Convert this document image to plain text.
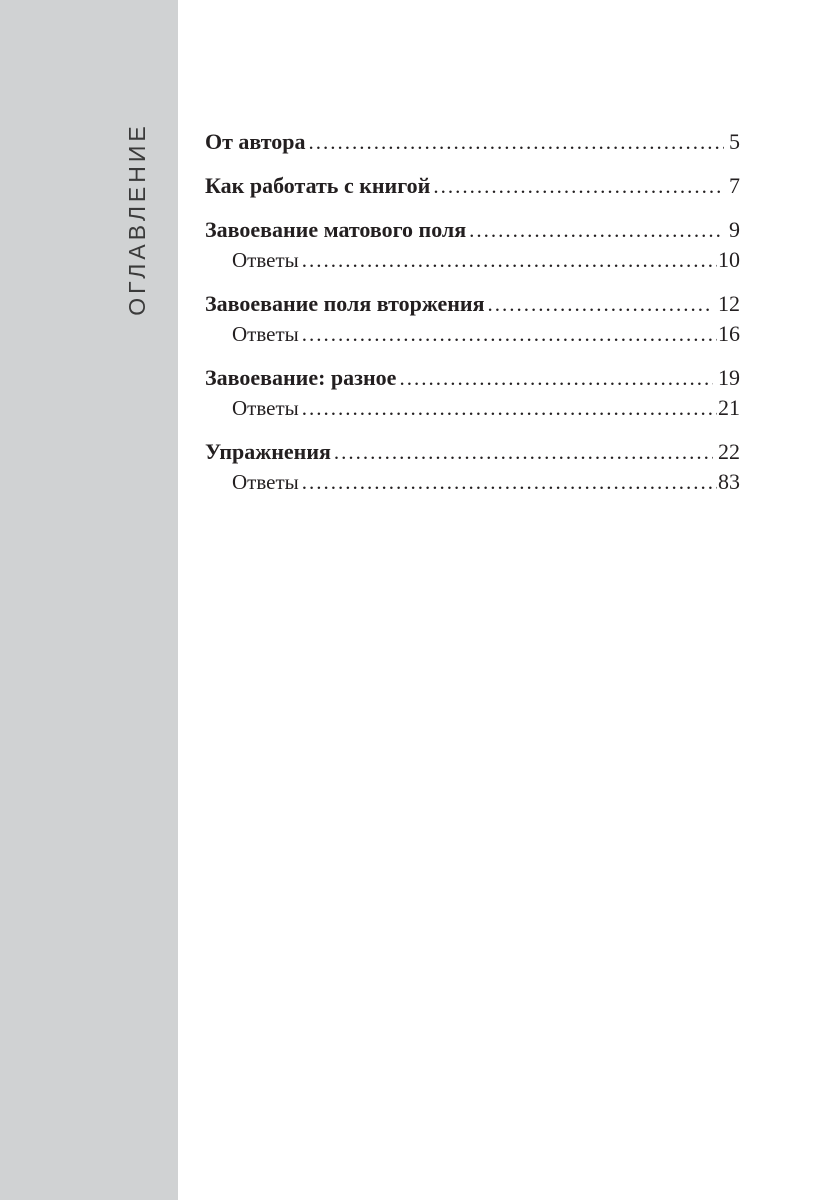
ОГЛАВЛЕНИЕ	От автора .....	5
Как работать с книгой .....	7
Завоевание матового поля .....	9
Ответы .....	10
Завоевание поля вторжения .....	12
Ответы .....	16
Завоевание: разное .....	19
Ответы .....	21
Упражнения .....	22
Ответы .....	83
